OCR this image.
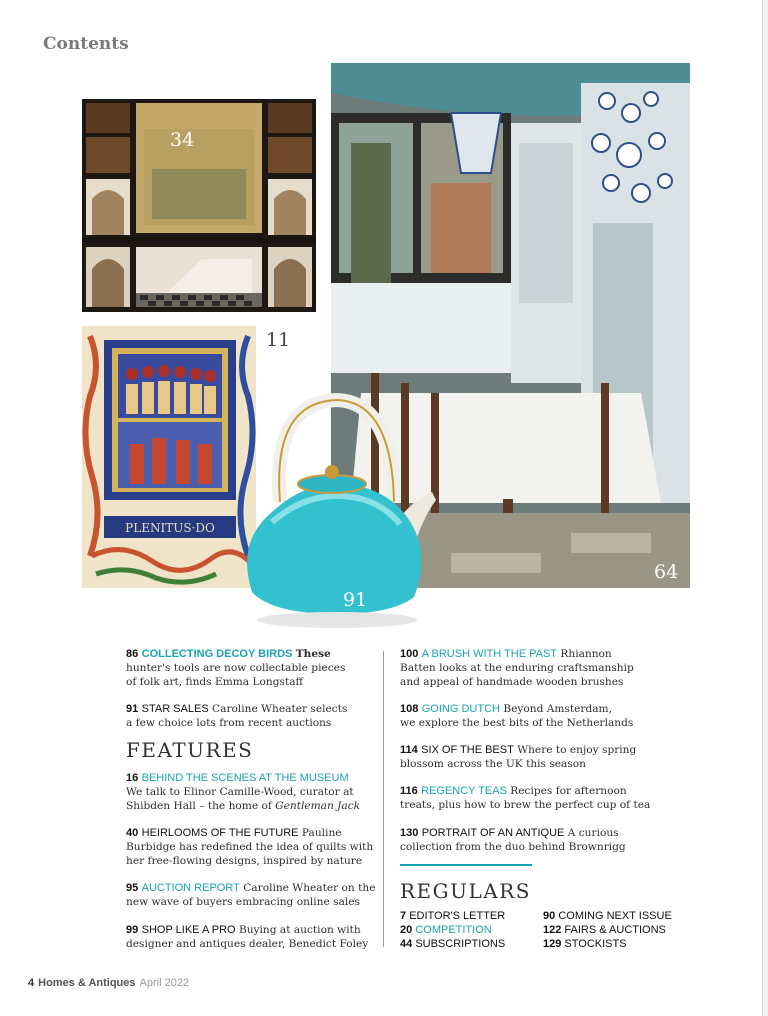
Contents
34
PLENITUS·DO
11
64
91
86 COLLECTING DECOY BIRDS These
hunter's tools are now collectable pieces
of folk art, finds Emma Longstaff
91 STAR SALES Caroline Wheater selects
a few choice lots from recent auctions
FEATURES
16 BEHIND THE SCENES AT THE MUSEUM
We talk to Elinor Camille-Wood, curator at
Shibden Hall – the home of Gentleman Jack
40 HEIRLOOMS OF THE FUTURE Pauline
Burbidge has redefined the idea of quilts with
her free-flowing designs, inspired by nature
95 AUCTION REPORT Caroline Wheater on the
new wave of buyers embracing online sales
99 SHOP LIKE A PRO Buying at auction with
designer and antiques dealer, Benedict Foley
100 A BRUSH WITH THE PAST Rhiannon
Batten looks at the enduring craftsmanship
and appeal of handmade wooden brushes
108 GOING DUTCH Beyond Amsterdam,
we explore the best bits of the Netherlands
114 SIX OF THE BEST Where to enjoy spring
blossom across the UK this season
116 REGENCY TEAS Recipes for afternoon
treats, plus how to brew the perfect cup of tea
130 PORTRAIT OF AN ANTIQUE A curious
collection from the duo behind Brownrigg
REGULARS
7 EDITOR'S LETTER
20 COMPETITION
44 SUBSCRIPTIONS
90 COMING NEXT ISSUE
122 FAIRS & AUCTIONS
129 STOCKISTS
4 Homes & Antiques April 2022
